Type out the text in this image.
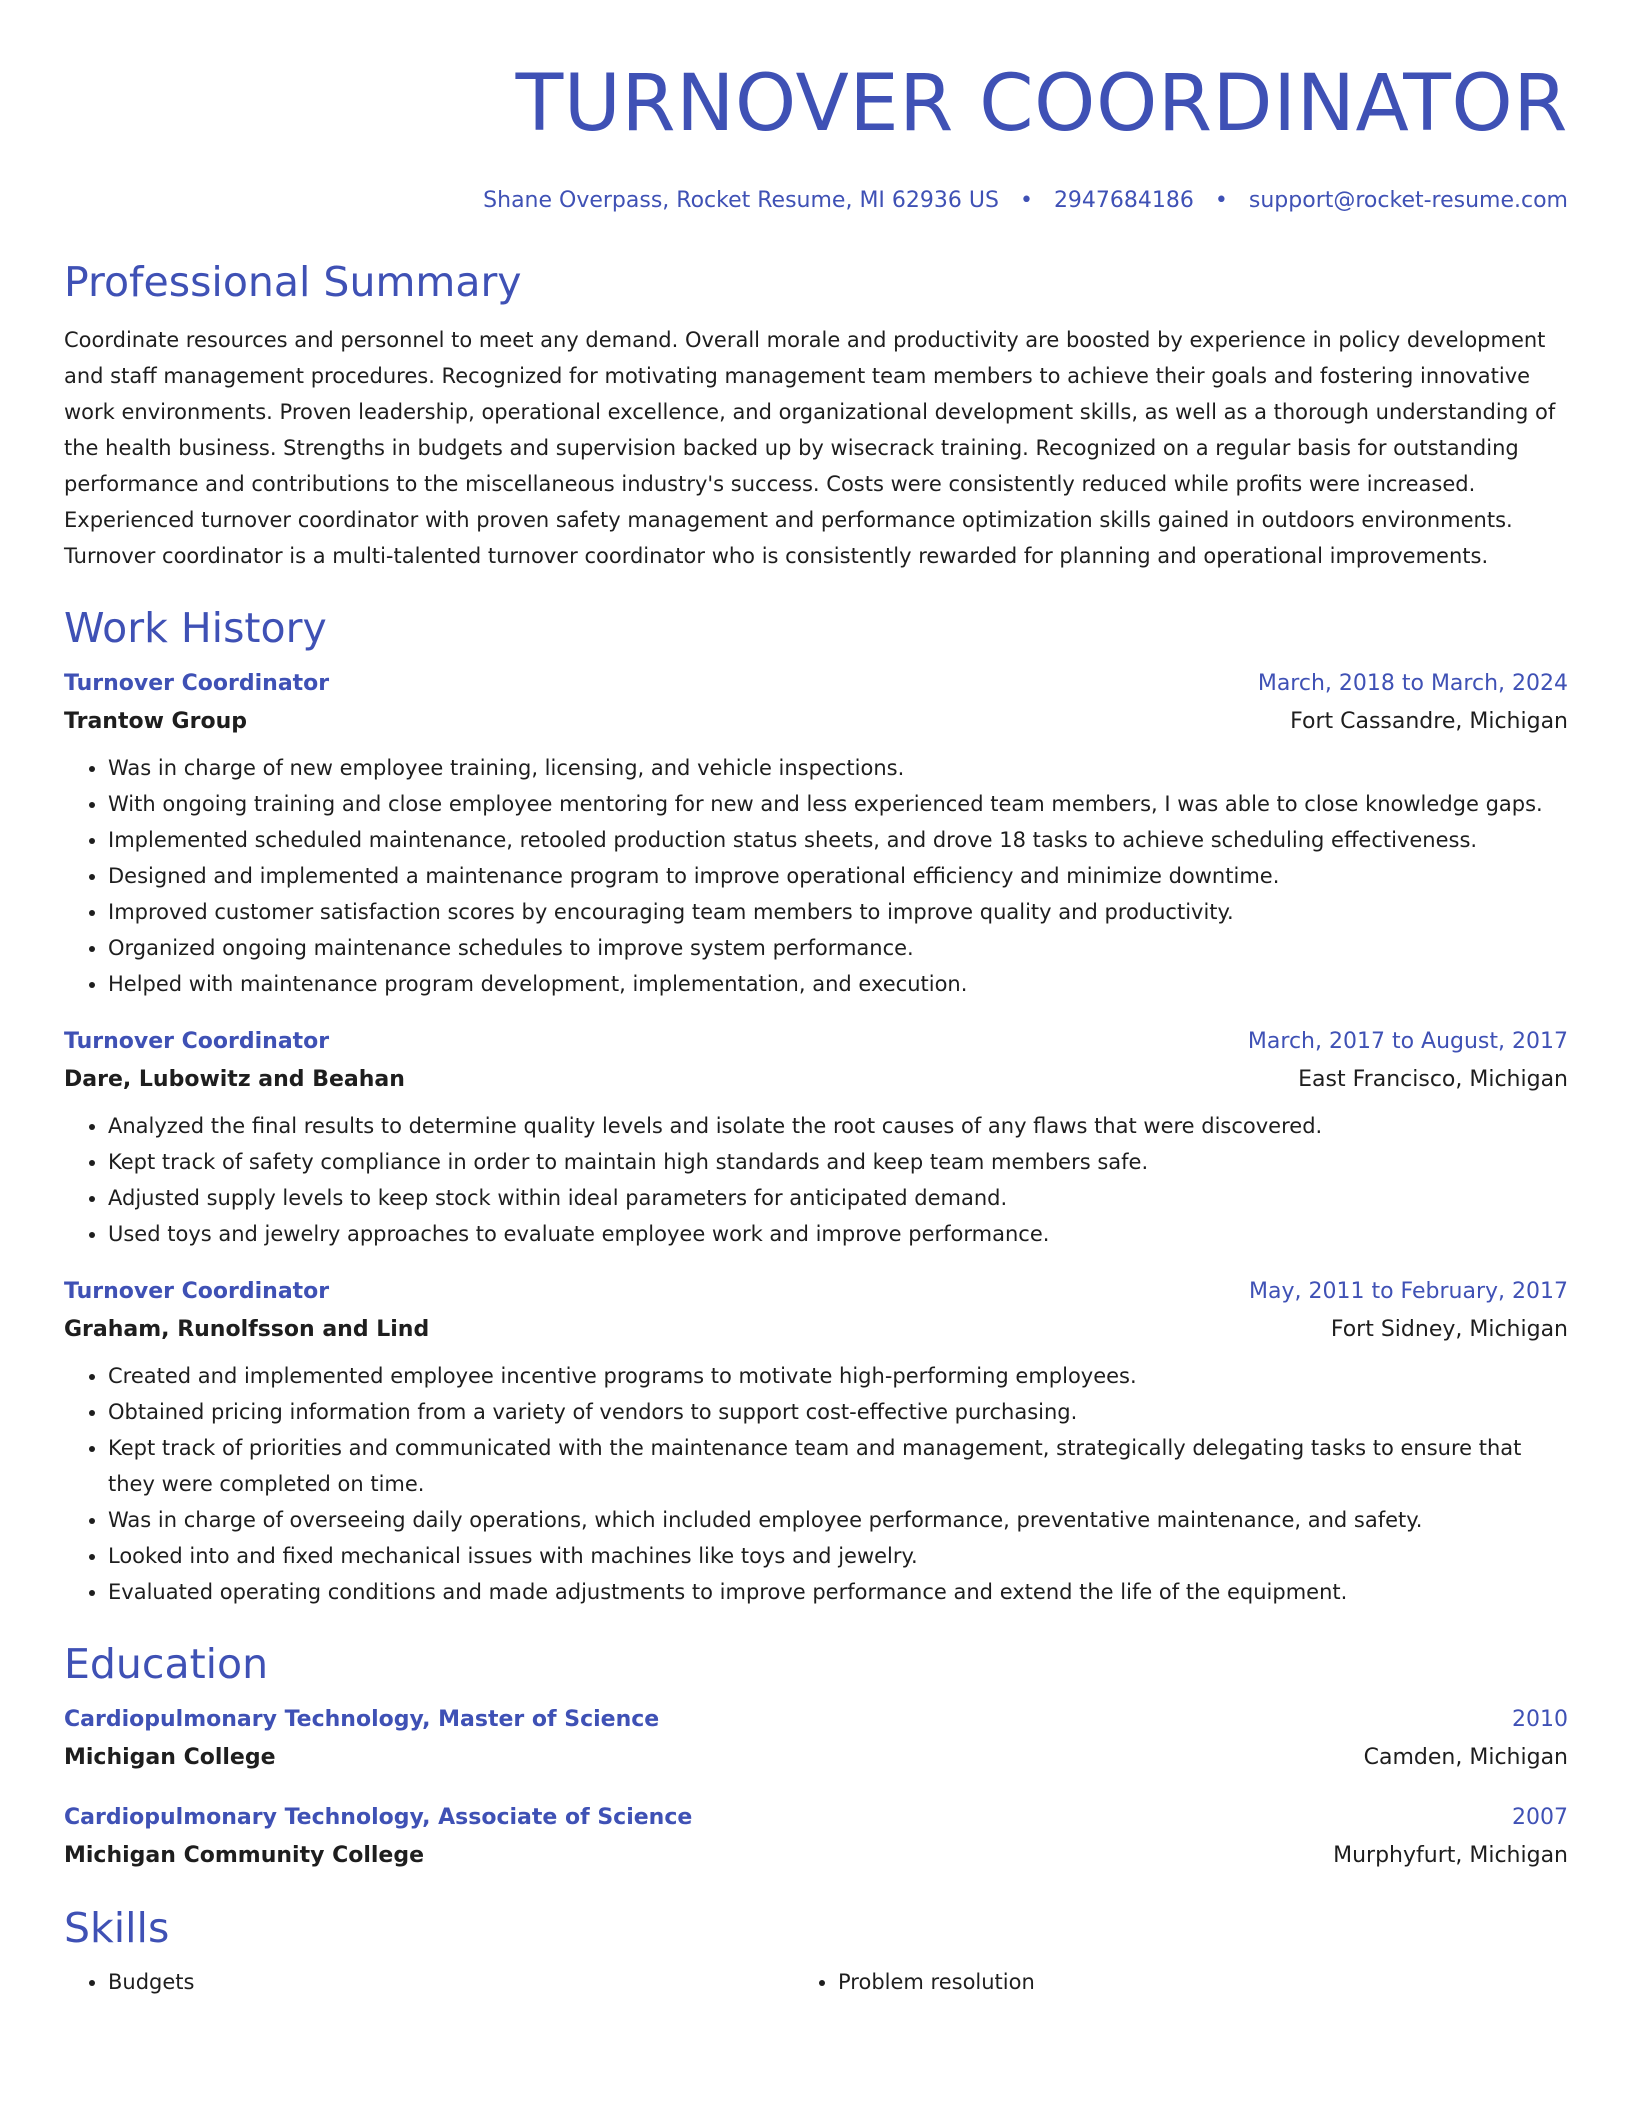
TURNOVER COORDINATOR
Shane Overpass, Rocket Resume, MI 62936 US • 2947684186 • support@rocket-resume.com
Professional Summary
Coordinate resources and personnel to meet any demand. Overall morale and productivity are boosted by experience in policy development and staff management procedures. Recognized for motivating management team members to achieve their goals and fostering innovative work environments. Proven leadership, operational excellence, and organizational development skills, as well as a thorough understanding of the health business. Strengths in budgets and supervision backed up by wisecrack training. Recognized on a regular basis for outstanding performance and contributions to the miscellaneous industry's success. Costs were consistently reduced while profits were increased. Experienced turnover coordinator with proven safety management and performance optimization skills gained in outdoors environments. Turnover coordinator is a multi-talented turnover coordinator who is consistently rewarded for planning and operational improvements.
Work History
Turnover Coordinator	March, 2018 to March, 2024
Trantow Group	Fort Cassandre, Michigan
• Was in charge of new employee training, licensing, and vehicle inspections.
• With ongoing training and close employee mentoring for new and less experienced team members, I was able to close knowledge gaps.
• Implemented scheduled maintenance, retooled production status sheets, and drove 18 tasks to achieve scheduling effectiveness.
• Designed and implemented a maintenance program to improve operational efficiency and minimize downtime.
• Improved customer satisfaction scores by encouraging team members to improve quality and productivity.
• Organized ongoing maintenance schedules to improve system performance.
• Helped with maintenance program development, implementation, and execution.
Turnover Coordinator	March, 2017 to August, 2017
Dare, Lubowitz and Beahan	East Francisco, Michigan
• Analyzed the final results to determine quality levels and isolate the root causes of any flaws that were discovered.
• Kept track of safety compliance in order to maintain high standards and keep team members safe.
• Adjusted supply levels to keep stock within ideal parameters for anticipated demand.
• Used toys and jewelry approaches to evaluate employee work and improve performance.
Turnover Coordinator	May, 2011 to February, 2017
Graham, Runolfsson and Lind	Fort Sidney, Michigan
• Created and implemented employee incentive programs to motivate high-performing employees.
• Obtained pricing information from a variety of vendors to support cost-effective purchasing.
• Kept track of priorities and communicated with the maintenance team and management, strategically delegating tasks to ensure that they were completed on time.
• Was in charge of overseeing daily operations, which included employee performance, preventative maintenance, and safety.
• Looked into and fixed mechanical issues with machines like toys and jewelry.
• Evaluated operating conditions and made adjustments to improve performance and extend the life of the equipment.
Education
Cardiopulmonary Technology, Master of Science	2010
Michigan College	Camden, Michigan
Cardiopulmonary Technology, Associate of Science	2007
Michigan Community College	Murphyfurt, Michigan
Skills
• Budgets
•	Problem resolution
